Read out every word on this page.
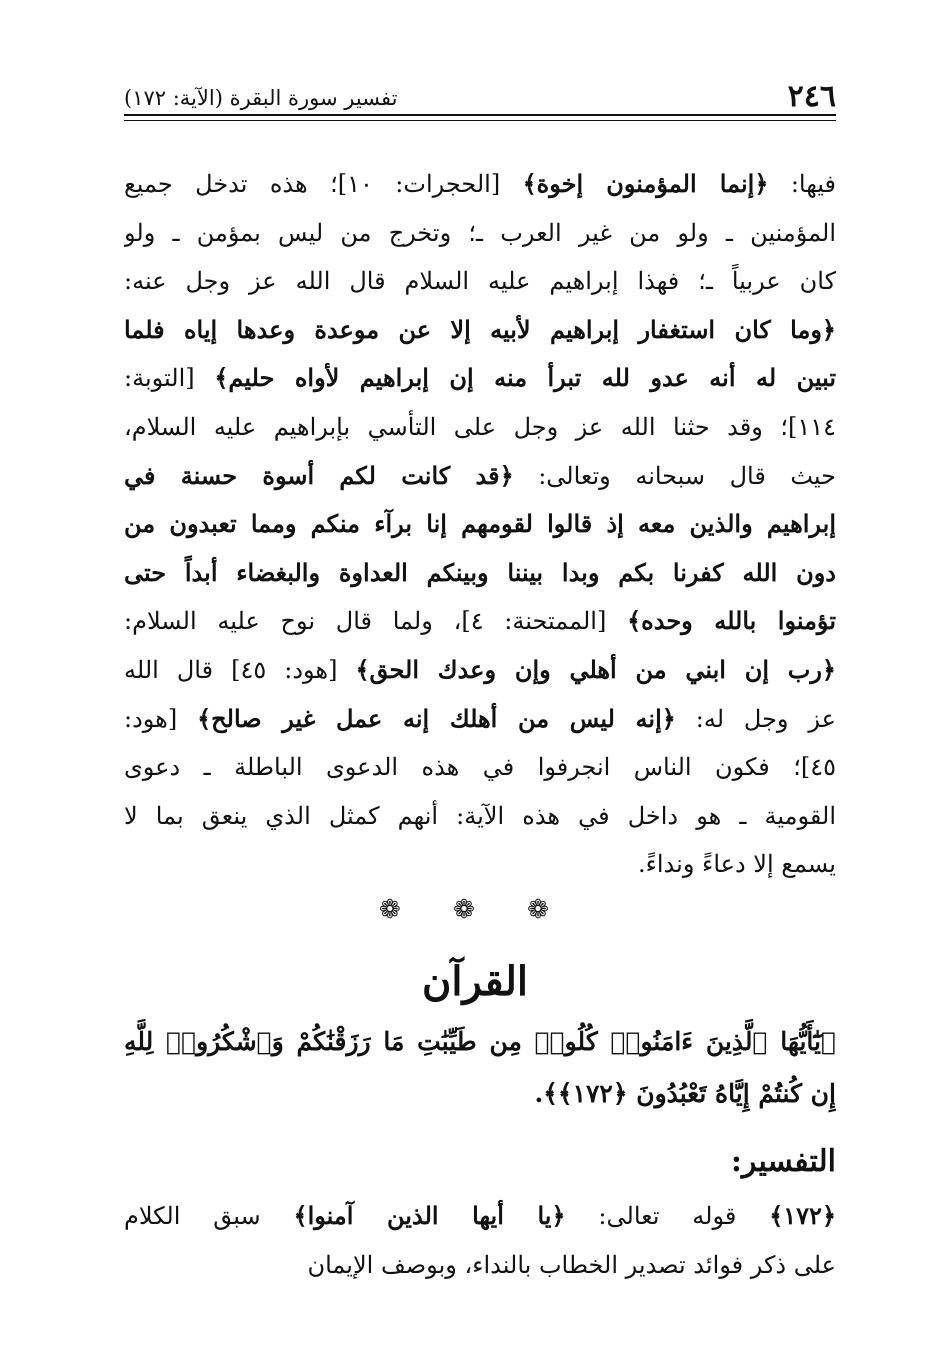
٢٤٦
تفسير سورة البقرة (الآية: ١٧٢)
فيها: ﴿إنما المؤمنون إخوة﴾ [الحجرات: ١٠]؛ هذه تدخل جميع
المؤمنين ـ ولو من غير العرب ـ؛ وتخرج من ليس بمؤمن ـ ولو
كان عربياً ـ؛ فهذا إبراهيم عليه السلام قال الله عز وجل عنه:
﴿وما كان استغفار إبراهيم لأبيه إلا عن موعدة وعدها إياه فلما
تبين له أنه عدو لله تبرأ منه إن إبراهيم لأواه حليم﴾ [التوبة:
١١٤]؛ وقد حثنا الله عز وجل على التأسي بإبراهيم عليه السلام،
حيث قال سبحانه وتعالى: ﴿قد كانت لكم أسوة حسنة في
إبراهيم والذين معه إذ قالوا لقومهم إنا برآء منكم ومما تعبدون من
دون الله كفرنا بكم وبدا بيننا وبينكم العداوة والبغضاء أبداً حتى
تؤمنوا بالله وحده﴾ [الممتحنة: ٤]، ولما قال نوح عليه السلام:
﴿رب إن ابني من أهلي وإن وعدك الحق﴾ [هود: ٤٥] قال الله
عز وجل له: ﴿إنه ليس من أهلك إنه عمل غير صالح﴾ [هود:
٤٥]؛ فكون الناس انجرفوا في هذه الدعوى الباطلة ـ دعوى
القومية ـ هو داخل في هذه الآية: أنهم كمثل الذي ينعق بما لا
يسمع إلا دعاءً ونداءً.
❁ ❁ ❁
القرآن
﴿يَٰٓأَيُّهَا ٱلَّذِينَ ءَامَنُوا۟ كُلُوا۟ مِن طَيِّبَٰتِ مَا رَزَقْنَٰكُمْ وَٱشْكُرُوا۟ لِلَّهِ
إِن كُنتُمْ إِيَّاهُ تَعْبُدُونَ ﴿١٧٢﴾﴾.
التفسير:
﴿١٧٢﴾ قوله تعالى: ﴿يا أيها الذين آمنوا﴾ سبق الكلام
على ذكر فوائد تصدير الخطاب بالنداء، وبوصف الإيمان
